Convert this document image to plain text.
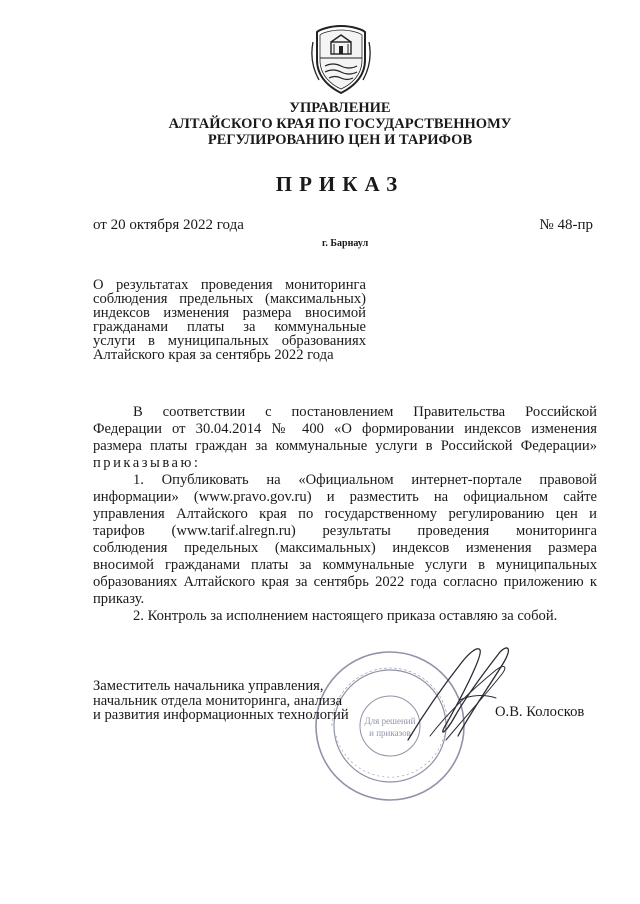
УПРАВЛЕНИЕ
АЛТАЙСКОГО КРАЯ ПО ГОСУДАРСТВЕННОМУ
РЕГУЛИРОВАНИЮ ЦЕН И ТАРИФОВ
ПРИКАЗ
от 20 октября 2022 года	№ 48-пр
г. Барнаул
О результатах проведения мониторинга
соблюдения предельных (максимальных)
индексов изменения размера вносимой
гражданами платы за коммунальные
услуги в муниципальных образованиях
Алтайского края за сентябрь 2022 года
В соответствии с постановлением Правительства Российской
Федерации от 30.04.2014 № 400 «О формировании индексов изменения
размера платы граждан за коммунальные услуги в Российской Федерации»
приказываю:
1. Опубликовать на «Официальном интернет-портале правовой
информации» (www.pravo.gov.ru) и разместить на официальном сайте
управления Алтайского края по государственному регулированию цен и
тарифов (www.tarif.alregn.ru) результаты проведения мониторинга
соблюдения предельных (максимальных) индексов изменения размера
вносимой гражданами платы за коммунальные услуги в муниципальных
образованиях Алтайского края за сентябрь 2022 года согласно приложению к
приказу.
2. Контроль за исполнением настоящего приказа оставляю за собой.
Для решений
и приказов
Заместитель начальника управления,
начальник отдела мониторинга, анализа
и развития информационных технологий	О.В. Колосков
